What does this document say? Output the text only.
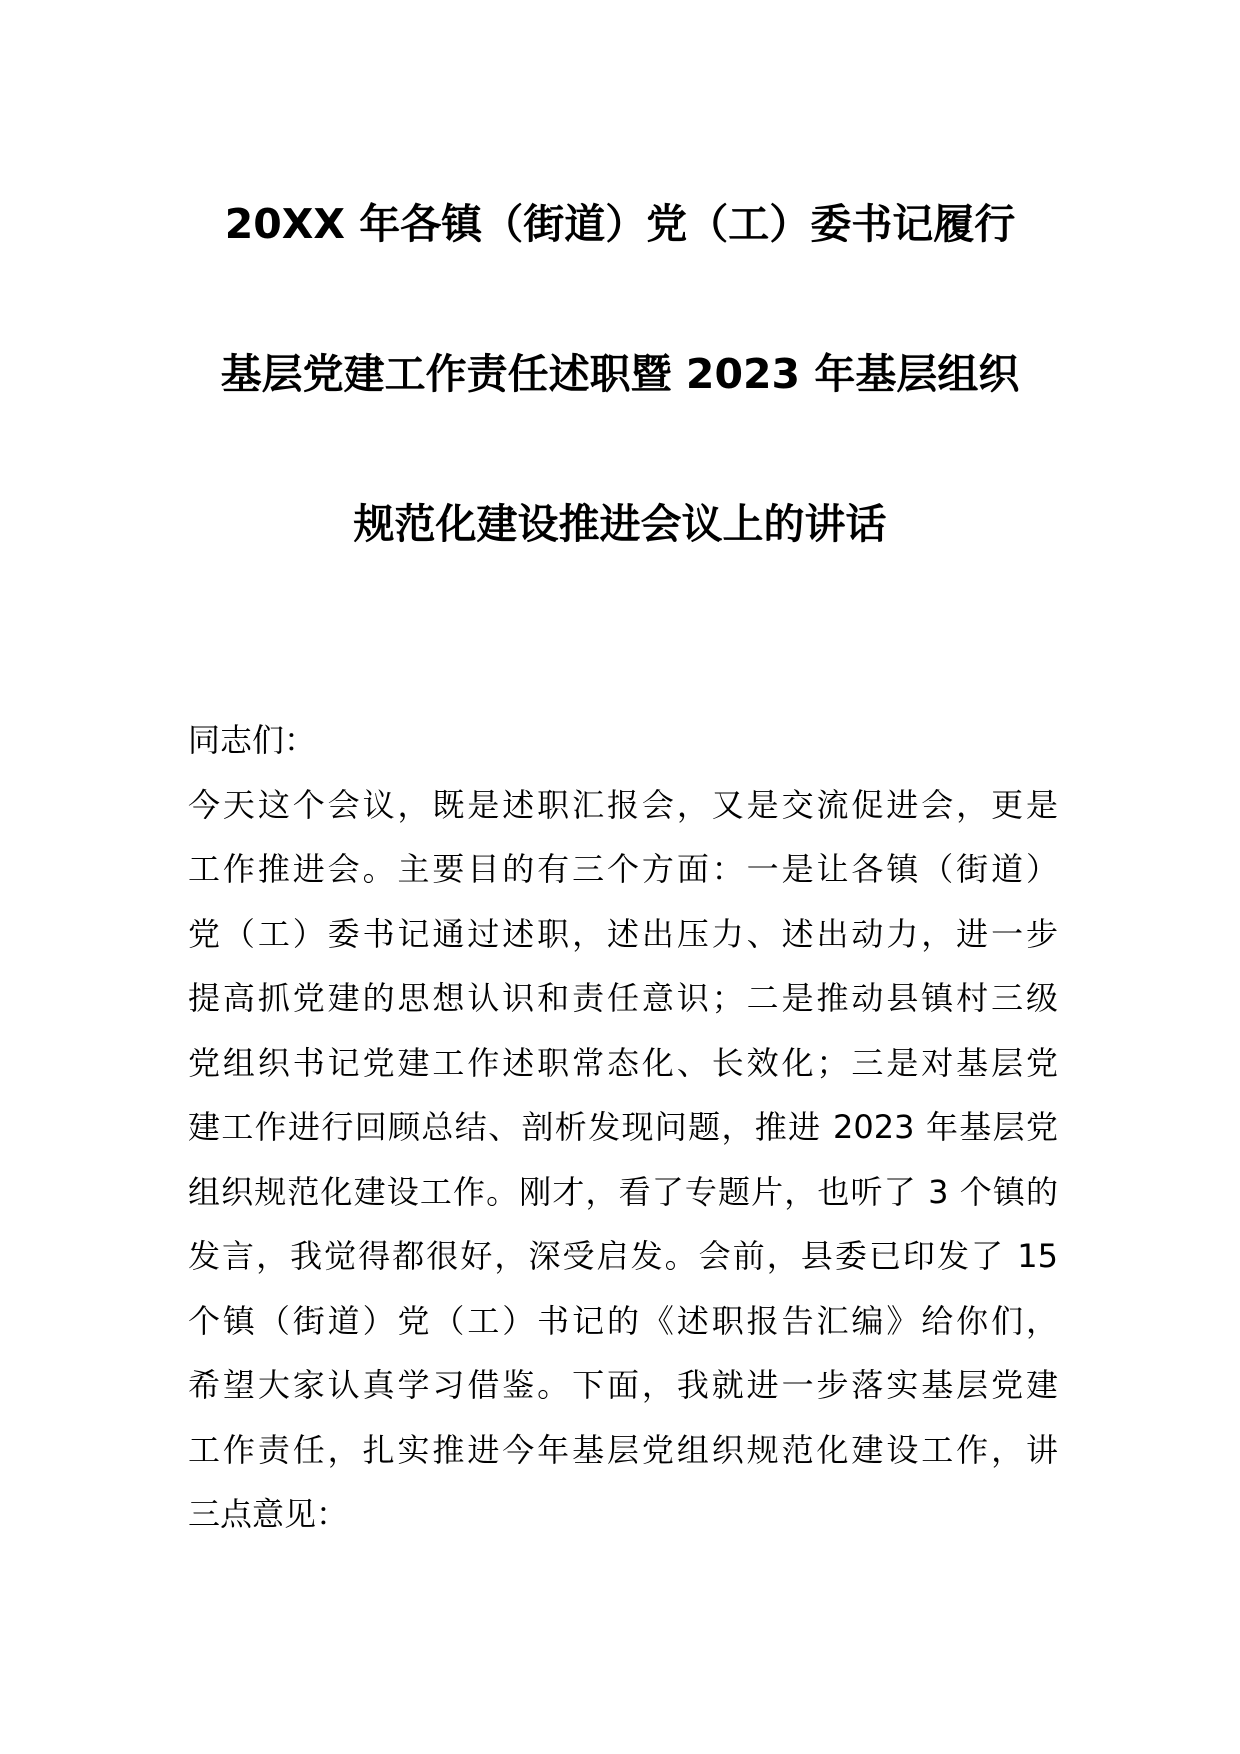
20XX 年各镇（街道）党（工）委书记履行
基层党建工作责任述职暨 2023 年基层组织
规范化建设推进会议上的讲话
同志们：
今天这个会议，既是述职汇报会，又是交流促进会，更是
工作推进会。主要目的有三个方面：一是让各镇（街道）
党（工）委书记通过述职，述出压力、述出动力，进一步
提高抓党建的思想认识和责任意识；二是推动县镇村三级
党组织书记党建工作述职常态化、长效化；三是对基层党
建工作进行回顾总结、剖析发现问题，推进 2023 年基层党
组织规范化建设工作。刚才，看了专题片，也听了 3 个镇的
发言，我觉得都很好，深受启发。会前，县委已印发了 15
个镇（街道）党（工）书记的《述职报告汇编》给你们，
希望大家认真学习借鉴。下面，我就进一步落实基层党建
工作责任，扎实推进今年基层党组织规范化建设工作，讲
三点意见：
